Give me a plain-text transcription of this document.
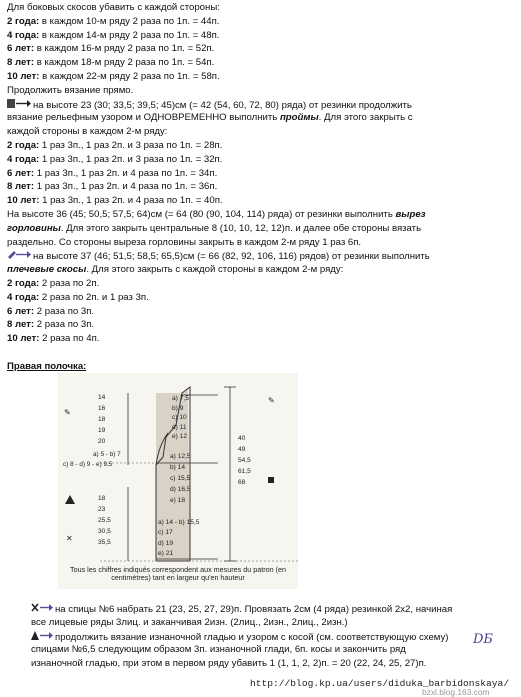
Для боковых скосов убавить с каждой стороны:
2 года: в каждом 10-м ряду 2 раза по 1п. = 44п.
4 года: в каждом 14-м ряду 2 раза по 1п. = 48п.
6 лет: в каждом 16-м ряду 2 раза по 1п. = 52п.
8 лет: в каждом 18-м ряду 2 раза по 1п. = 54п.
10 лет: в каждом 22-м ряду 2 раза по 1п. = 58п.
Продолжить вязание прямо.
на высоте 23 (30; 33,5; 39,5; 45)см (= 42 (54, 60, 72, 80) ряда) от резинки продолжить
вязание рельефным узором и ОДНОВРЕМЕННО выполнить проймы. Для этого закрыть с
каждой стороны в каждом 2-м ряду:
2 года: 1 раз 3п., 1 раз 2п. и 3 раза по 1п. = 28п.
4 года: 1 раз 3п., 1 раз 2п. и 3 раза по 1п. = 32п.
6 лет: 1 раз 3п., 1 раз 2п. и 4 раза по 1п. = 34п.
8 лет: 1 раз 3п., 1 раз 2п. и 4 раза по 1п. = 36п.
10 лет: 1 раз 3п., 1 раз 2п. и 4 раза по 1п. = 40п.
На высоте 36 (45; 50,5; 57,5; 64)см (= 64 (80 (90, 104, 114) ряда) от резинки выполнить вырез
горловины. Для этого закрыть центральные 8 (10, 10, 12, 12)п. и далее обе стороны вязать
раздельно. Со стороны выреза горловины закрыть в каждом 2-м ряду 1 раз 6п.
на высоте 37 (46; 51,5; 58,5; 65,5)см (= 66 (82, 92, 106, 116) рядов) от резинки выполнить
плечевые скосы. Для этого закрыть с каждой стороны в каждом 2-м ряду:
2 года: 2 раза по 2п.
4 года: 2 раза по 2п. и 1 раз 3п.
6 лет: 2 раза по 3п.
8 лет: 2 раза по 3п.
10 лет: 2 раза по 4п.
Правая полочка:
✎
✕
✎
14
16
18
19
20
18
23
25,5
30,5
35,5
a) 7,5
b) 9
c) 10
d) 11
e) 12
a) 12,5
b) 14
c) 15,5
d) 16,5
e) 18
a) 14 - b) 15,5
c) 17
d) 19
e) 21
a) 5 - b) 7
c) 8 - d) 9 - e) 9,5
40
49
54,5
61,5
68
Tous les chiffres indiqués correspondent aux mesures du patron (en centimètres) tant en largeur qu'en hauteur
на спицы №6 набрать 21 (23, 25, 27, 29)п. Провязать 2см (4 ряда) резинкой 2х2, начиная
все лицевые ряды 3лиц. и заканчивая 2изн. (2лиц., 2изн., 2лиц., 2изн.)
продолжить вязание изнаночной гладью и узором с косой (см. соответствующую схему)
спицами №6,5 следующим образом 3п. изнаночной глади, 6п. косы и закончить ряд
изнаночной гладью, при этом в первом ряду убавить 1 (1, 1, 2, 2)п. = 20 (22, 24, 25, 27)п.
DБ
http://blog.kp.ua/users/diduka_barbidonskaya/
bzxl.blog.163.com
